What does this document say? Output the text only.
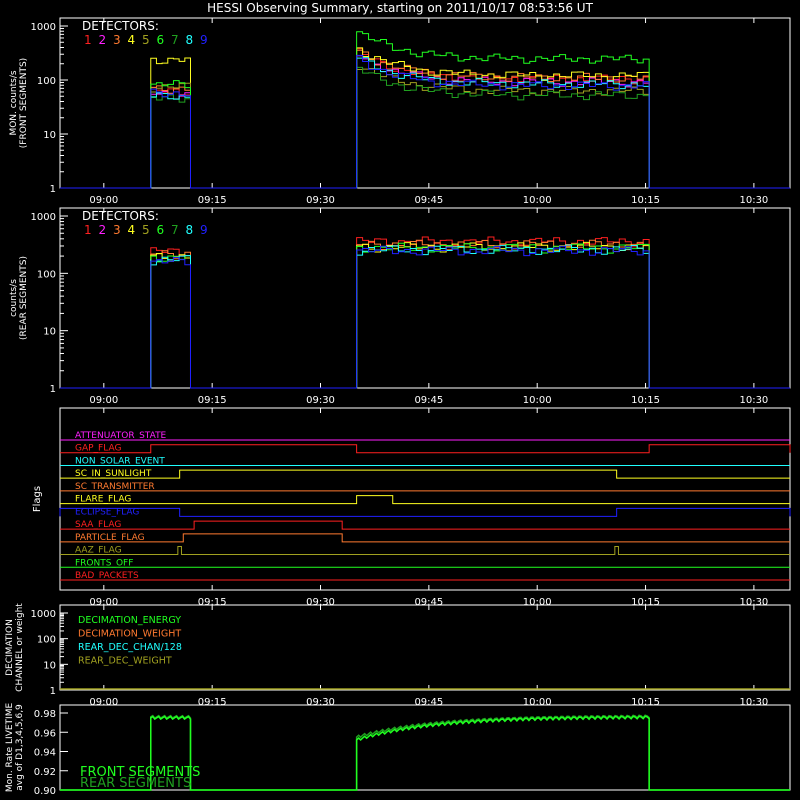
HESSI Observing Summary, starting on 2011/10/17 08:53:56 UT
09:00	09:15	09:30	09:45	10:00	10:15	10:30
1
10
100
1000
MON. counts/s (FRONT SEGMENTS)
DETECTORS:
1 2 3 4 5 6 7 8 9
09:00	09:15	09:30	09:45	10:00	10:15	10:30
1
10
100
1000
counts/s (REAR SEGMENTS)
DETECTORS:
1 2 3 4 5 6 7 8 9
09:00	09:15	09:30	09:45	10:00	10:15	10:30
Flags
ATTENUATOR_STATE
GAP_FLAG
NON_SOLAR_EVENT
SC_IN_SUNLIGHT
SC_TRANSMITTER
FLARE_FLAG
ECLIPSE_FLAG
SAA_FLAG
PARTICLE_FLAG
AAZ_FLAG
FRONTS_OFF
BAD_PACKETS
09:00	09:15	09:30	09:45	10:00	10:15	10:30
1
10
100
1000
DECIMATION CHANNEL or weight	DECIMATION_ENERGY
DECIMATION_WEIGHT
REAR_DEC_CHAN/128
REAR_DEC_WEIGHT
0.90
0.92
0.94
0.96
0.98
Mon. Rate LIVETIME avg of D1,3,4,5,6,9	FRONT SEGMENTS
REAR SEGMENTS
